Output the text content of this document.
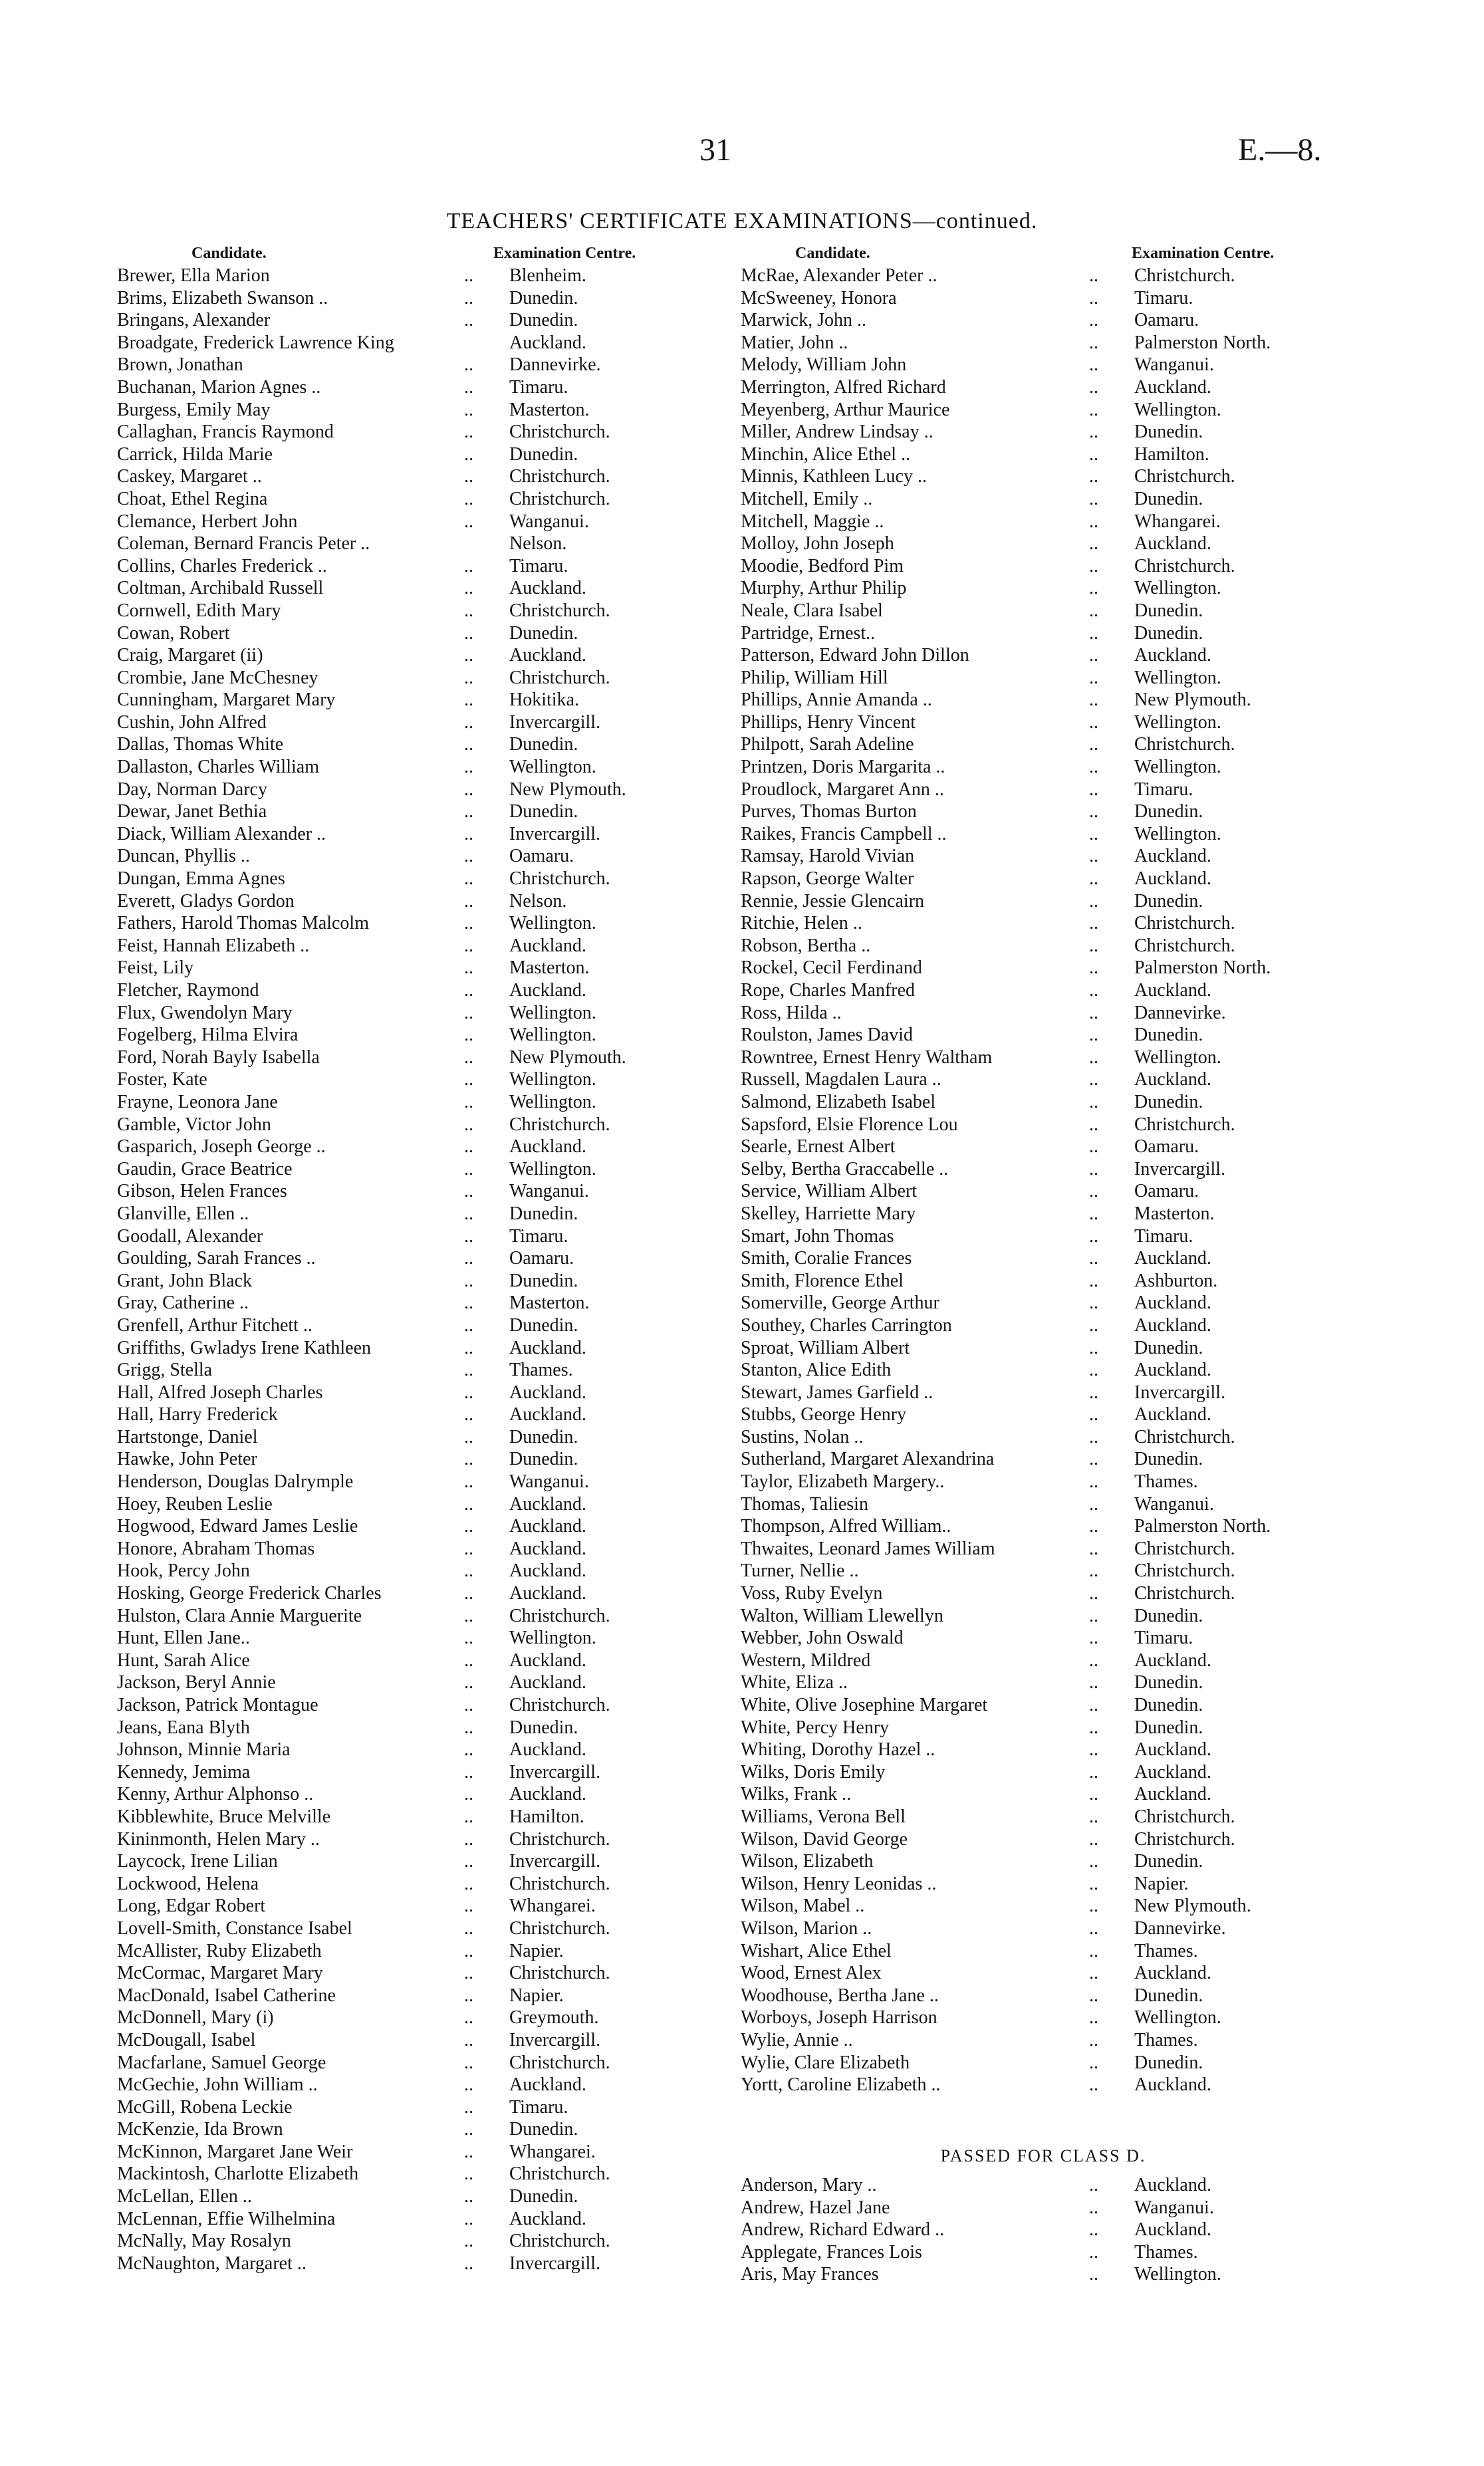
31	E.—8.
TEACHERS' CERTIFICATE EXAMINATIONS—continued.
Candidate.	Examination Centre.	Candidate.	Examination Centre.
Brewer, Ella Marion	.. Blenheim.
Brims, Elizabeth Swanson ..	.. Dunedin.
Bringans, Alexander	.. Dunedin.
Broadgate, Frederick Lawrence King	Auckland.
Brown, Jonathan	.. Dannevirke.
Buchanan, Marion Agnes ..	.. Timaru.
Burgess, Emily May	.. Masterton.
Callaghan, Francis Raymond	.. Christchurch.
Carrick, Hilda Marie	.. Dunedin.
Caskey, Margaret ..	.. Christchurch.
Choat, Ethel Regina	.. Christchurch.
Clemance, Herbert John	.. Wanganui.
Coleman, Bernard Francis Peter ..	Nelson.
Collins, Charles Frederick ..	.. Timaru.
Coltman, Archibald Russell	.. Auckland.
Cornwell, Edith Mary	.. Christchurch.
Cowan, Robert	.. Dunedin.
Craig, Margaret (ii)	.. Auckland.
Crombie, Jane McChesney	.. Christchurch.
Cunningham, Margaret Mary	.. Hokitika.
Cushin, John Alfred	.. Invercargill.
Dallas, Thomas White	.. Dunedin.
Dallaston, Charles William	.. Wellington.
Day, Norman Darcy	.. New Plymouth.
Dewar, Janet Bethia	.. Dunedin.
Diack, William Alexander ..	.. Invercargill.
Duncan, Phyllis ..	.. Oamaru.
Dungan, Emma Agnes	.. Christchurch.
Everett, Gladys Gordon	.. Nelson.
Fathers, Harold Thomas Malcolm	.. Wellington.
Feist, Hannah Elizabeth ..	.. Auckland.
Feist, Lily	.. Masterton.
Fletcher, Raymond	.. Auckland.
Flux, Gwendolyn Mary	.. Wellington.
Fogelberg, Hilma Elvira	.. Wellington.
Ford, Norah Bayly Isabella	.. New Plymouth.
Foster, Kate	.. Wellington.
Frayne, Leonora Jane	.. Wellington.
Gamble, Victor John	.. Christchurch.
Gasparich, Joseph George ..	.. Auckland.
Gaudin, Grace Beatrice	.. Wellington.
Gibson, Helen Frances	.. Wanganui.
Glanville, Ellen ..	.. Dunedin.
Goodall, Alexander	.. Timaru.
Goulding, Sarah Frances ..	.. Oamaru.
Grant, John Black	.. Dunedin.
Gray, Catherine ..	.. Masterton.
Grenfell, Arthur Fitchett ..	.. Dunedin.
Griffiths, Gwladys Irene Kathleen	.. Auckland.
Grigg, Stella	.. Thames.
Hall, Alfred Joseph Charles	.. Auckland.
Hall, Harry Frederick	.. Auckland.
Hartstonge, Daniel	.. Dunedin.
Hawke, John Peter	.. Dunedin.
Henderson, Douglas Dalrymple	.. Wanganui.
Hoey, Reuben Leslie	.. Auckland.
Hogwood, Edward James Leslie	.. Auckland.
Honore, Abraham Thomas	.. Auckland.
Hook, Percy John	.. Auckland.
Hosking, George Frederick Charles	.. Auckland.
Hulston, Clara Annie Marguerite	.. Christchurch.
Hunt, Ellen Jane..	.. Wellington.
Hunt, Sarah Alice	.. Auckland.
Jackson, Beryl Annie	.. Auckland.
Jackson, Patrick Montague	.. Christchurch.
Jeans, Eana Blyth	.. Dunedin.
Johnson, Minnie Maria	.. Auckland.
Kennedy, Jemima	.. Invercargill.
Kenny, Arthur Alphonso ..	.. Auckland.
Kibblewhite, Bruce Melville	.. Hamilton.
Kininmonth, Helen Mary ..	.. Christchurch.
Laycock, Irene Lilian	.. Invercargill.
Lockwood, Helena	.. Christchurch.
Long, Edgar Robert	.. Whangarei.
Lovell-Smith, Constance Isabel	.. Christchurch.
McAllister, Ruby Elizabeth	.. Napier.
McCormac, Margaret Mary	.. Christchurch.
MacDonald, Isabel Catherine	.. Napier.
McDonnell, Mary (i)	.. Greymouth.
McDougall, Isabel	.. Invercargill.
Macfarlane, Samuel George	.. Christchurch.
McGechie, John William ..	.. Auckland.
McGill, Robena Leckie	.. Timaru.
McKenzie, Ida Brown	.. Dunedin.
McKinnon, Margaret Jane Weir	.. Whangarei.
Mackintosh, Charlotte Elizabeth	.. Christchurch.
McLellan, Ellen ..	.. Dunedin.
McLennan, Effie Wilhelmina	.. Auckland.
McNally, May Rosalyn	.. Christchurch.
McNaughton, Margaret ..	.. Invercargill.
McRae, Alexander Peter ..	.. Christchurch.
McSweeney, Honora	.. Timaru.
Marwick, John ..	.. Oamaru.
Matier, John ..	.. Palmerston North.
Melody, William John	.. Wanganui.
Merrington, Alfred Richard	.. Auckland.
Meyenberg, Arthur Maurice	.. Wellington.
Miller, Andrew Lindsay ..	.. Dunedin.
Minchin, Alice Ethel ..	.. Hamilton.
Minnis, Kathleen Lucy ..	.. Christchurch.
Mitchell, Emily ..	.. Dunedin.
Mitchell, Maggie ..	.. Whangarei.
Molloy, John Joseph	.. Auckland.
Moodie, Bedford Pim	.. Christchurch.
Murphy, Arthur Philip	.. Wellington.
Neale, Clara Isabel	.. Dunedin.
Partridge, Ernest..	.. Dunedin.
Patterson, Edward John Dillon	.. Auckland.
Philip, William Hill	.. Wellington.
Phillips, Annie Amanda ..	.. New Plymouth.
Phillips, Henry Vincent	.. Wellington.
Philpott, Sarah Adeline	.. Christchurch.
Printzen, Doris Margarita ..	.. Wellington.
Proudlock, Margaret Ann ..	.. Timaru.
Purves, Thomas Burton	.. Dunedin.
Raikes, Francis Campbell ..	.. Wellington.
Ramsay, Harold Vivian	.. Auckland.
Rapson, George Walter	.. Auckland.
Rennie, Jessie Glencairn	.. Dunedin.
Ritchie, Helen ..	.. Christchurch.
Robson, Bertha ..	.. Christchurch.
Rockel, Cecil Ferdinand	.. Palmerston North.
Rope, Charles Manfred	.. Auckland.
Ross, Hilda ..	.. Dannevirke.
Roulston, James David	.. Dunedin.
Rowntree, Ernest Henry Waltham	.. Wellington.
Russell, Magdalen Laura ..	.. Auckland.
Salmond, Elizabeth Isabel	.. Dunedin.
Sapsford, Elsie Florence Lou	.. Christchurch.
Searle, Ernest Albert	.. Oamaru.
Selby, Bertha Graccabelle ..	.. Invercargill.
Service, William Albert	.. Oamaru.
Skelley, Harriette Mary	.. Masterton.
Smart, John Thomas	.. Timaru.
Smith, Coralie Frances	.. Auckland.
Smith, Florence Ethel	.. Ashburton.
Somerville, George Arthur	.. Auckland.
Southey, Charles Carrington	.. Auckland.
Sproat, William Albert	.. Dunedin.
Stanton, Alice Edith	.. Auckland.
Stewart, James Garfield ..	.. Invercargill.
Stubbs, George Henry	.. Auckland.
Sustins, Nolan ..	.. Christchurch.
Sutherland, Margaret Alexandrina	.. Dunedin.
Taylor, Elizabeth Margery..	.. Thames.
Thomas, Taliesin	.. Wanganui.
Thompson, Alfred William..	.. Palmerston North.
Thwaites, Leonard James William	.. Christchurch.
Turner, Nellie ..	.. Christchurch.
Voss, Ruby Evelyn	.. Christchurch.
Walton, William Llewellyn	.. Dunedin.
Webber, John Oswald	.. Timaru.
Western, Mildred	.. Auckland.
White, Eliza ..	.. Dunedin.
White, Olive Josephine Margaret	.. Dunedin.
White, Percy Henry	.. Dunedin.
Whiting, Dorothy Hazel ..	.. Auckland.
Wilks, Doris Emily	.. Auckland.
Wilks, Frank ..	.. Auckland.
Williams, Verona Bell	.. Christchurch.
Wilson, David George	.. Christchurch.
Wilson, Elizabeth	.. Dunedin.
Wilson, Henry Leonidas ..	.. Napier.
Wilson, Mabel ..	.. New Plymouth.
Wilson, Marion ..	.. Dannevirke.
Wishart, Alice Ethel	.. Thames.
Wood, Ernest Alex	.. Auckland.
Woodhouse, Bertha Jane ..	.. Dunedin.
Worboys, Joseph Harrison	.. Wellington.
Wylie, Annie ..	.. Thames.
Wylie, Clare Elizabeth	.. Dunedin.
Yortt, Caroline Elizabeth ..	.. Auckland.
PASSED FOR CLASS D.
Anderson, Mary ..	.. Auckland.
Andrew, Hazel Jane	.. Wanganui.
Andrew, Richard Edward ..	.. Auckland.
Applegate, Frances Lois	.. Thames.
Aris, May Frances	.. Wellington.
